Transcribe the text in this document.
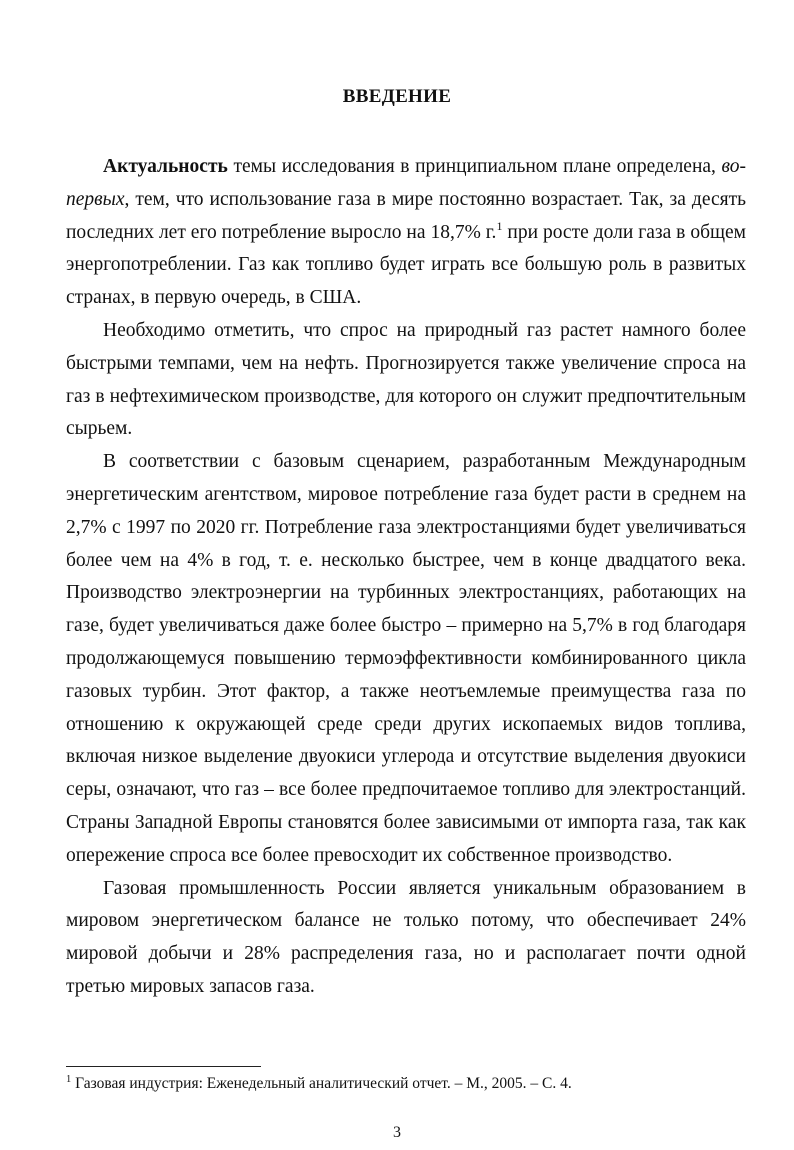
ВВЕДЕНИЕ

Актуальность темы исследования в принципиальном плане определена, во-первых, тем, что использование газа в мире постоянно возрастает. Так, за десять последних лет его потребление выросло на 18,7% г.$^1$ при росте доли газа в общем энергопотреблении. Газ как топливо будет играть все большую роль в развитых странах, в первую очередь, в США.

Необходимо отметить, что спрос на природный газ растет намного более быстрыми темпами, чем на нефть. Прогнозируется также увеличение спроса на газ в нефтехимическом производстве, для которого он служит предпочтительным сырьем.

В соответствии с базовым сценарием, разработанным Международным энергетическим агентством, мировое потребление газа будет расти в среднем на 2,7% с 1997 по 2020 гг. Потребление газа электростанциями будет увеличиваться более чем на 4% в год, т. е. несколько быстрее, чем в конце двадцатого века. Производство электроэнергии на турбинных электростанциях, работающих на газе, будет увеличиваться даже более быстро – примерно на 5,7% в год благодаря продолжающемуся повышению термоэффективности комбинированного цикла газовых турбин. Этот фактор, а также неотъемлемые преимущества газа по отношению к окружающей среде среди других ископаемых видов топлива, включая низкое выделение двуокиси углерода и отсутствие выделения двуокиси серы, означают, что газ – все более предпочитаемое топливо для электростанций. Страны Западной Европы становятся более зависимыми от импорта газа, так как опережение спроса все более превосходит их собственное производство.

Газовая промышленность России является уникальным образованием в мировом энергетическом балансе не только потому, что обеспечивает 24% мировой добычи и 28% распределения газа, но и располагает почти одной третью мировых запасов газа.

$^1$ Газовая индустрия: Еженедельный аналитический отчет. – М., 2005. – С. 4.
3
